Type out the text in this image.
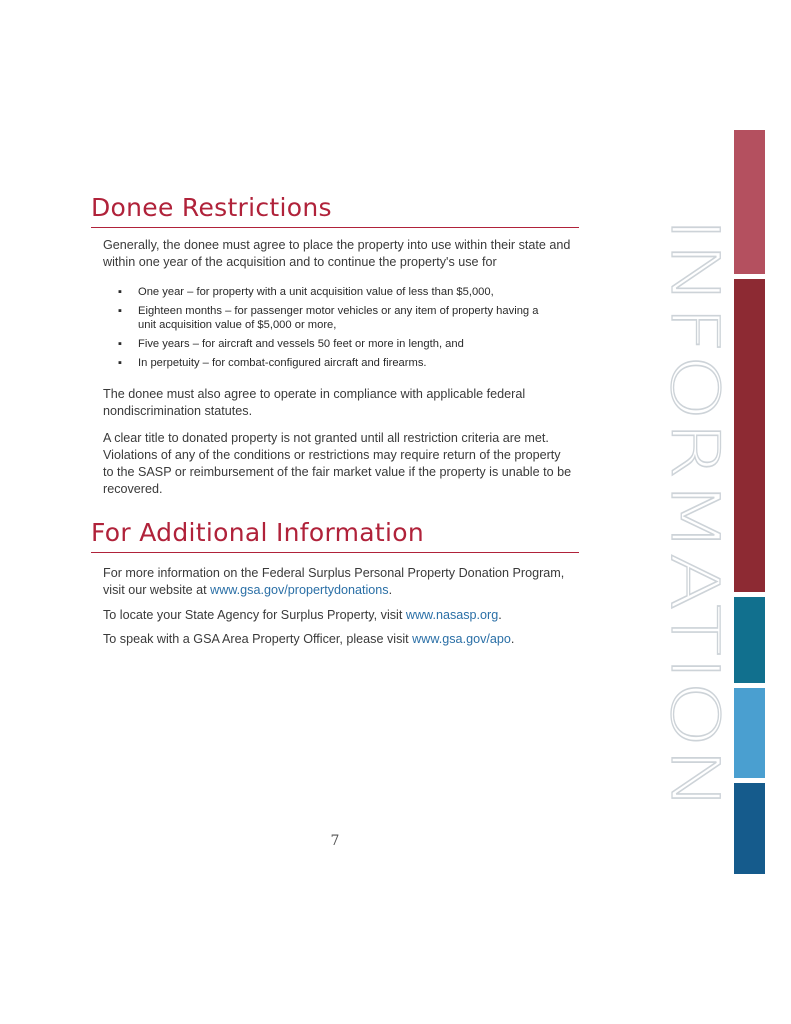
Donee Restrictions

Generally, the donee must agree to place the property into use within their state and within one year of the acquisition and to continue the property's use for

▪ One year – for property with a unit acquisition value of less than $5,000,
▪ Eighteen months – for passenger motor vehicles or any item of property having a unit acquisition value of $5,000 or more,
▪ Five years – for aircraft and vessels 50 feet or more in length, and
▪ In perpetuity – for combat-configured aircraft and firearms.

The donee must also agree to operate in compliance with applicable federal nondiscrimination statutes.

A clear title to donated property is not granted until all restriction criteria are met. Violations of any of the conditions or restrictions may require return of the property to the SASP or reimbursement of the fair market value if the property is unable to be recovered.

For Additional Information

For more information on the Federal Surplus Personal Property Donation Program, visit our website at www.gsa.gov/propertydonations.

To locate your State Agency for Surplus Property, visit www.nasasp.org.

To speak with a GSA Area Property Officer, please visit www.gsa.gov/apo.

7
INFORMATION
